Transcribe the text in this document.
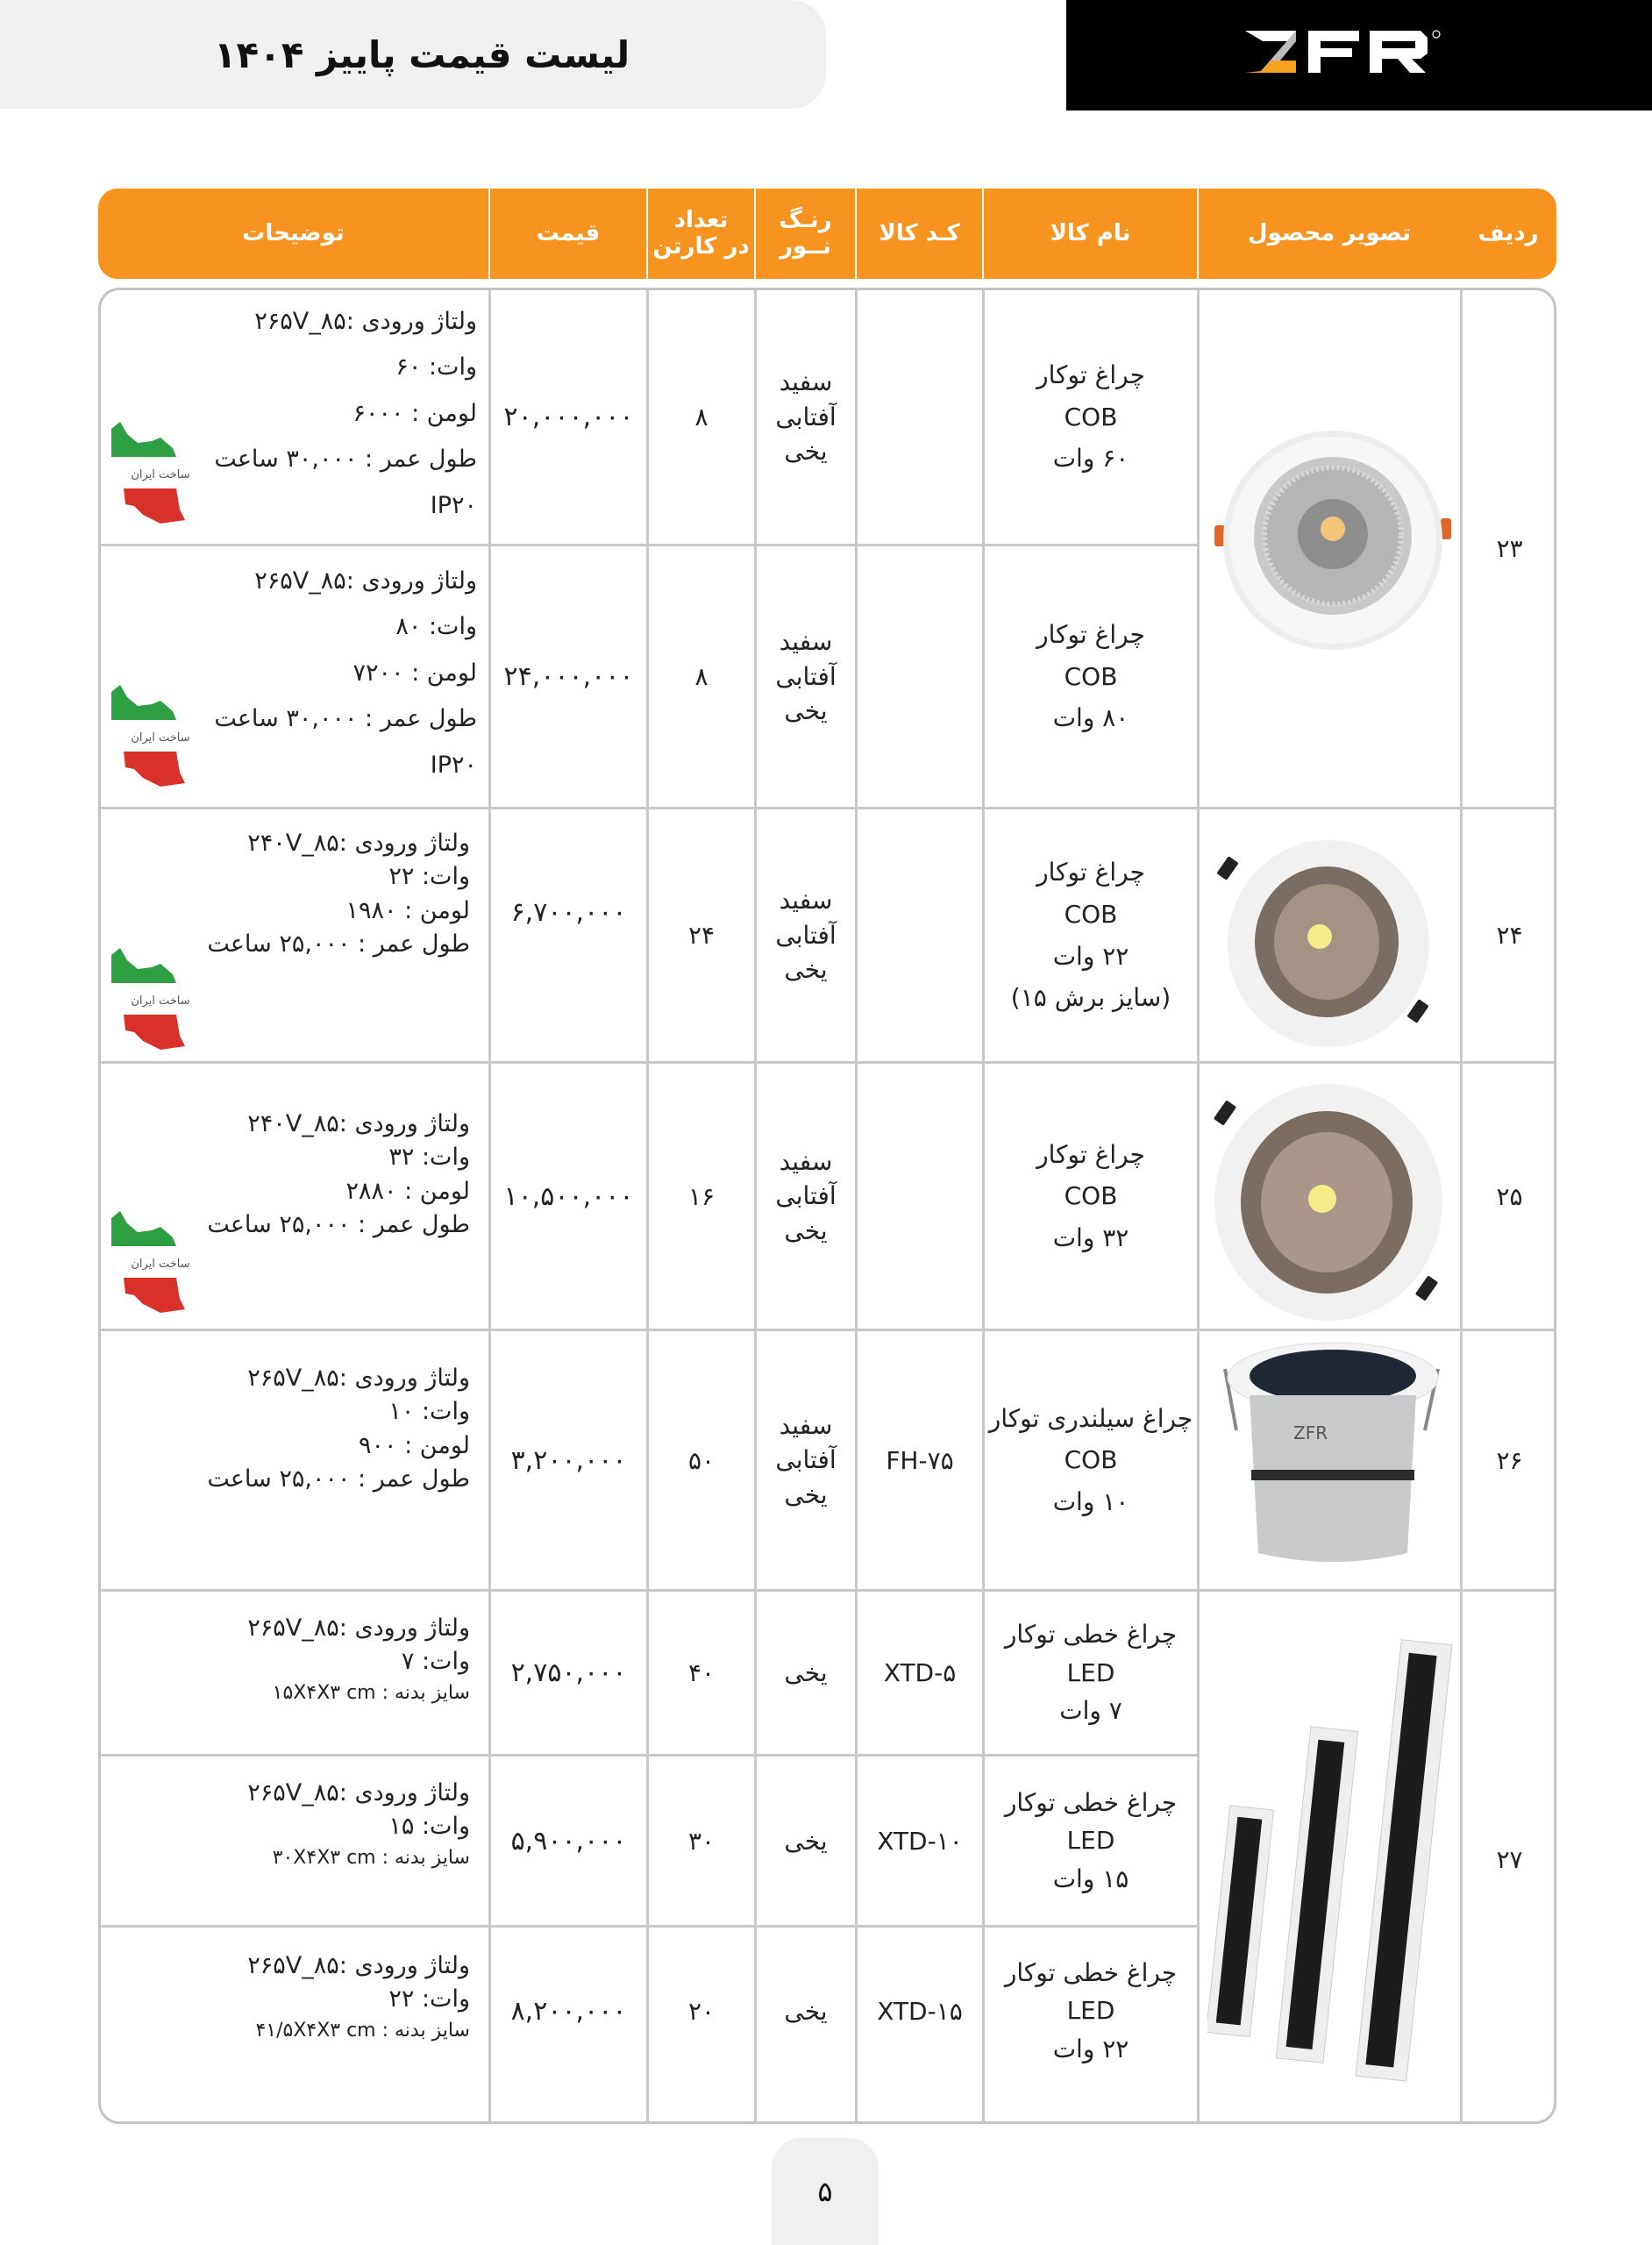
لیست قیمت پاییز ۱۴۰۴
ردیف
تصویر محصول
نام کالا
کـد کالا
رنـگ
نــور
تعداد
در کارتن
قیمت
توضیحات
۲۳
۲۴
۲۵
۲۶
۲۷
ZFR
چراغ توکار
COB
۶۰ وات
سفید
آفتابی
یخی
۸
۲۰,۰۰۰,۰۰۰
ولتاژ ورودی :۸۵_۲۶۵V
وات: ۶۰
لومن : ۶۰۰۰
طول عمر : ۳۰,۰۰۰ ساعت
IP۲۰
چراغ توکار
COB
۸۰ وات
سفید
آفتابی
یخی
۸
۲۴,۰۰۰,۰۰۰
ولتاژ ورودی :۸۵_۲۶۵V
وات: ۸۰
لومن : ۷۲۰۰
طول عمر : ۳۰,۰۰۰ ساعت
IP۲۰
چراغ توکار
COB
۲۲ وات
(سایز برش ۱۵)
سفید
آفتابی
یخی
۲۴
۶,۷۰۰,۰۰۰
ولتاژ ورودی :۸۵_۲۴۰V
وات: ۲۲
لومن : ۱۹۸۰
طول عمر : ۲۵,۰۰۰ ساعت
چراغ توکار
COB
۳۲ وات
سفید
آفتابی
یخی
۱۶
۱۰,۵۰۰,۰۰۰
ولتاژ ورودی :۸۵_۲۴۰V
وات: ۳۲
لومن : ۲۸۸۰
طول عمر : ۲۵,۰۰۰ ساعت
چراغ سیلندری توکار
COB
۱۰ وات
FH-۷۵
سفید
آفتابی
یخی
۵۰
۳,۲۰۰,۰۰۰
ولتاژ ورودی :۸۵_۲۶۵V
وات: ۱۰
لومن : ۹۰۰
طول عمر : ۲۵,۰۰۰ ساعت
چراغ خطی توکار
LED
۷ وات
XTD-۵
یخی
۴۰
۲,۷۵۰,۰۰۰
ولتاژ ورودی :۸۵_۲۶۵V
وات: ۷
سایز بدنه : ۱۵X۴X۳ cm
چراغ خطی توکار
LED
۱۵ وات
XTD-۱۰
یخی
۳۰
۵,۹۰۰,۰۰۰
ولتاژ ورودی :۸۵_۲۶۵V
وات: ۱۵
سایز بدنه : ۳۰X۴X۳ cm
چراغ خطی توکار
LED
۲۲ وات
XTD-۱۵
یخی
۲۰
۸,۲۰۰,۰۰۰
ولتاژ ورودی :۸۵_۲۶۵V
وات: ۲۲
سایز بدنه : ۴۱/۵X۴X۳ cm
ساخت ایران
ساخت ایران
ساخت ایران
ساخت ایران
۵
